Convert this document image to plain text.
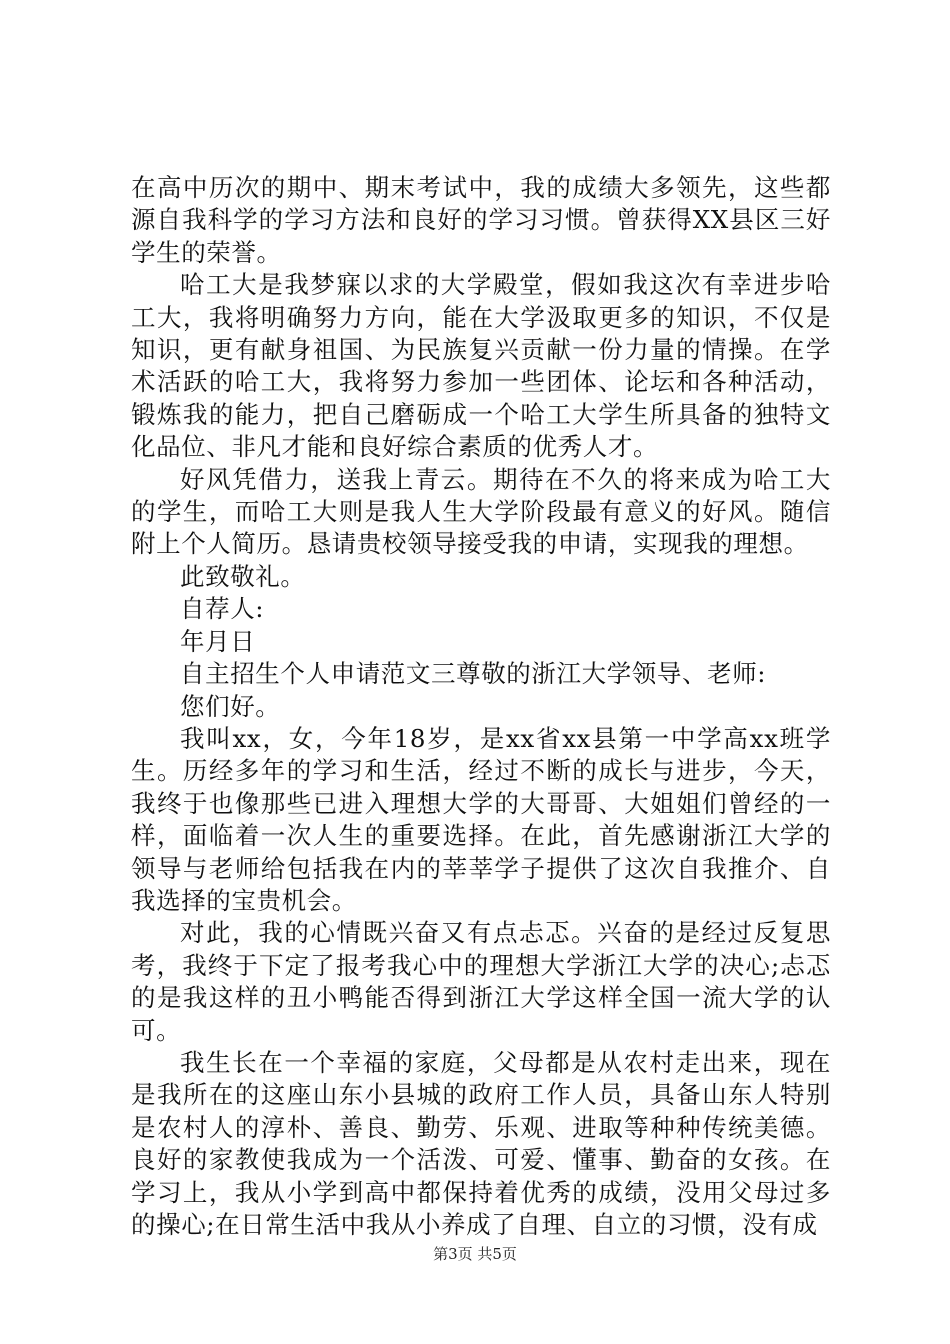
在高中历次的期中、期末考试中，我的成绩大多领先，这些都源自我科学的学习方法和良好的学习习惯。曾获得XX县区三好学生的荣誉。

哈工大是我梦寐以求的大学殿堂，假如我这次有幸进步哈工大，我将明确努力方向，能在大学汲取更多的知识，不仅是知识，更有献身祖国、为民族复兴贡献一份力量的情操。在学术活跃的哈工大，我将努力参加一些团体、论坛和各种活动，锻炼我的能力，把自己磨砺成一个哈工大学生所具备的独特文化品位、非凡才能和良好综合素质的优秀人才。

好风凭借力，送我上青云。期待在不久的将来成为哈工大的学生，而哈工大则是我人生大学阶段最有意义的好风。随信附上个人简历。恳请贵校领导接受我的申请，实现我的理想。

此致敬礼。

自荐人:

年月日

自主招生个人申请范文三尊敬的浙江大学领导、老师:

您们好。

我叫xx，女，今年18岁，是xx省xx县第一中学高xx班学生。历经多年的学习和生活，经过不断的成长与进步，今天，我终于也像那些已进入理想大学的大哥哥、大姐姐们曾经的一样，面临着一次人生的重要选择。在此，首先感谢浙江大学的领导与老师给包括我在内的莘莘学子提供了这次自我推介、自我选择的宝贵机会。

对此，我的心情既兴奋又有点忐忑。兴奋的是经过反复思考，我终于下定了报考我心中的理想大学浙江大学的决心;忐忑的是我这样的丑小鸭能否得到浙江大学这样全国一流大学的认可。

我生长在一个幸福的家庭，父母都是从农村走出来，现在是我所在的这座山东小县城的政府工作人员，具备山东人特别是农村人的淳朴、善良、勤劳、乐观、进取等种种传统美德。良好的家教使我成为一个活泼、可爱、懂事、勤奋的女孩。在学习上，我从小学到高中都保持着优秀的成绩，没用父母过多的操心;在日常生活中我从小养成了自理、自立的习惯，没有成

第3页 共5页
